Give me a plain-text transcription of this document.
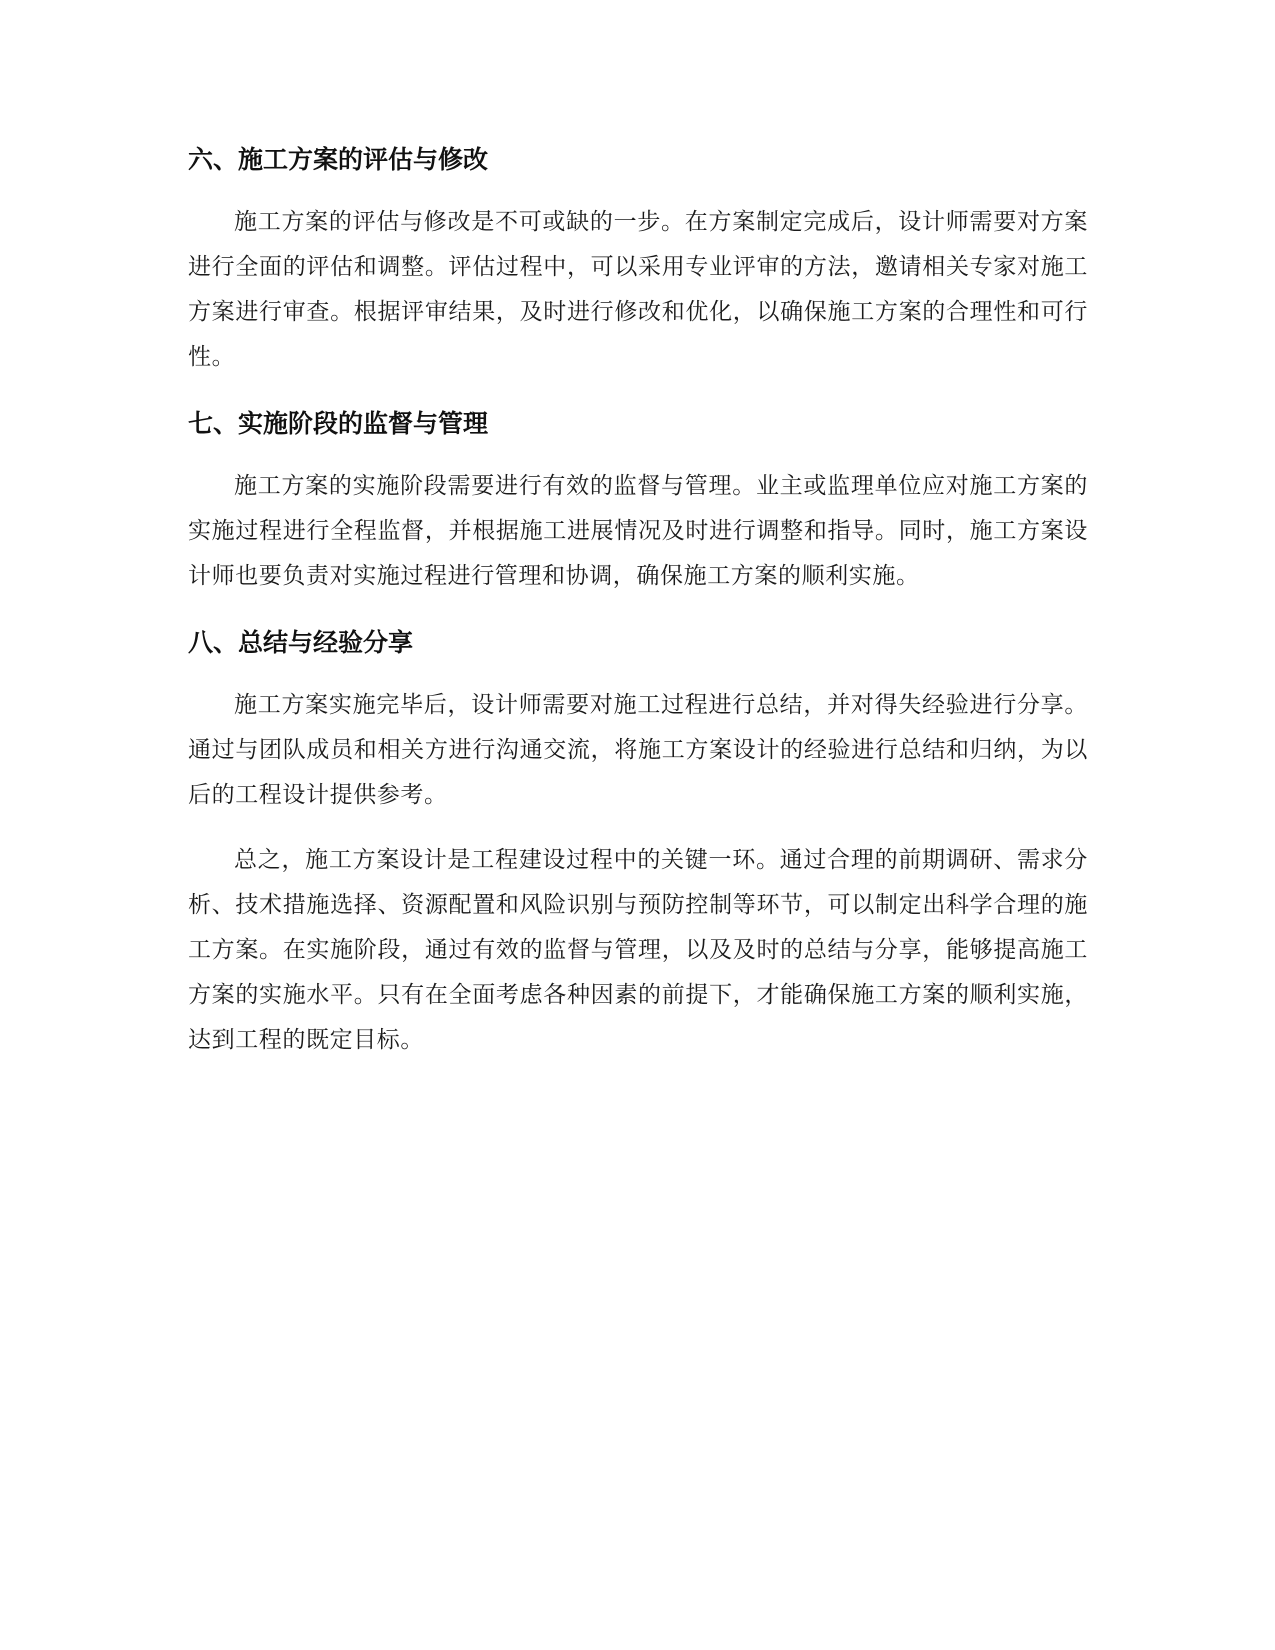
六、施工方案的评估与修改

施工方案的评估与修改是不可或缺的一步。在方案制定完成后，设计师需要对方案进行全面的评估和调整。评估过程中，可以采用专业评审的方法，邀请相关专家对施工方案进行审查。根据评审结果，及时进行修改和优化，以确保施工方案的合理性和可行性。

七、实施阶段的监督与管理

施工方案的实施阶段需要进行有效的监督与管理。业主或监理单位应对施工方案的实施过程进行全程监督，并根据施工进展情况及时进行调整和指导。同时，施工方案设计师也要负责对实施过程进行管理和协调，确保施工方案的顺利实施。

八、总结与经验分享

施工方案实施完毕后，设计师需要对施工过程进行总结，并对得失经验进行分享。通过与团队成员和相关方进行沟通交流，将施工方案设计的经验进行总结和归纳，为以后的工程设计提供参考。

总之，施工方案设计是工程建设过程中的关键一环。通过合理的前期调研、需求分析、技术措施选择、资源配置和风险识别与预防控制等环节，可以制定出科学合理的施工方案。在实施阶段，通过有效的监督与管理，以及及时的总结与分享，能够提高施工方案的实施水平。只有在全面考虑各种因素的前提下，才能确保施工方案的顺利实施，达到工程的既定目标。
